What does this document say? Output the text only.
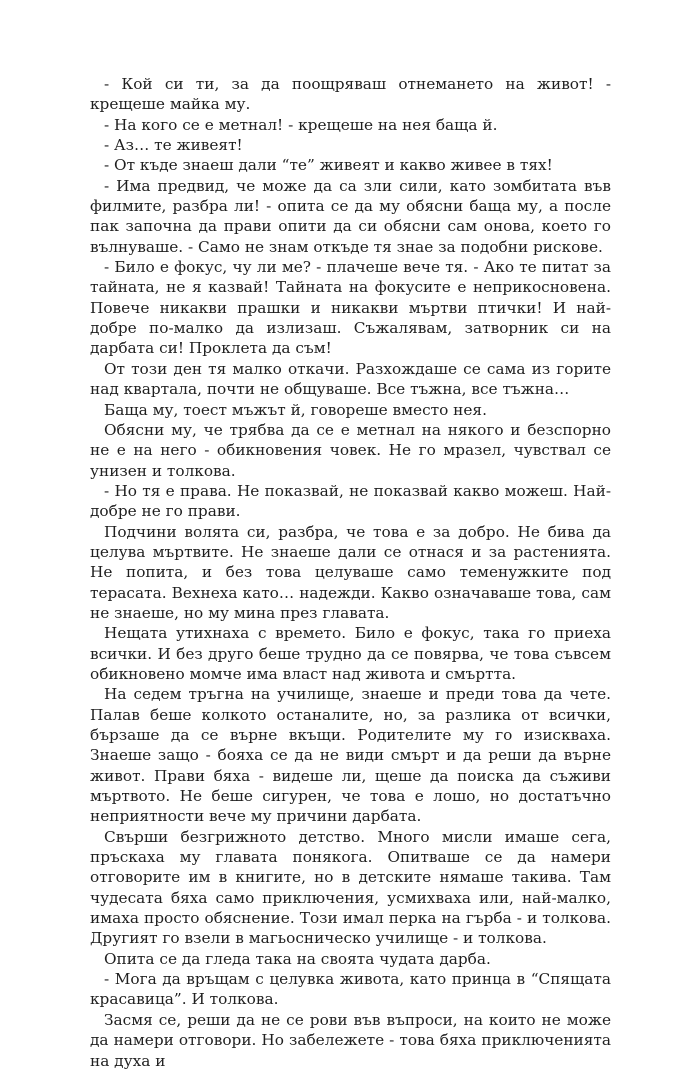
- Кой си ти, за да поощряваш отнемането на живот! - крещеше майка му.

- На кого се е метнал! - крещеше на нея баща й.

- Аз… те живеят!

- От къде знаеш дали “те” живеят и какво живее в тях!

- Има предвид, че може да са зли сили, като зомбитата във филмите, разбра ли! - опита се да му обясни баща му, а после пак започна да прави опити да си обясни сам онова, което го вълнуваше. - Само не знам откъде тя знае за подобни рискове.

- Било е фокус, чу ли ме? - плачеше вече тя. - Ако те питат за тайната, не я казвай! Тайната на фокусите е неприкосновена. Повече никакви прашки и никакви мъртви птички! И най-добре по-малко да излизаш. Съжалявам, затворник си на дарбата си! Проклета да съм!

От този ден тя малко откачи. Разхождаше се сама из горите над квартала, почти не общуваше. Все тъжна, все тъжна…

Баща му, тоест мъжът й, говореше вместо нея.

Обясни му, че трябва да се е метнал на някого и безспорно не е на него - обикновения човек. Не го мразел, чувствал се унизен и толкова.

- Но тя е права. Не показвай, не показвай какво можеш. Най-добре не го прави.

Подчини волята си, разбра, че това е за добро. Не бива да целува мъртвите. Не знаеше дали се отнася и за растенията. Не попита, и без това целуваше само теменужките под терасата. Вехнеха като… надежди. Какво означаваше това, сам не знаеше, но му мина през главата.

Нещата утихнаха с времето. Било е фокус, така го приеха всички. И без друго беше трудно да се повярва, че това съвсем обикновено момче има власт над живота и смъртта.

На седем тръгна на училище, знаеше и преди това да чете. Палав беше колкото останалите, но, за разлика от всички, бързаше да се върне вкъщи. Родителите му го изискваха. Знаеше защо - бояха се да не види смърт и да реши да върне живот. Прави бяха - видеше ли, щеше да поиска да съживи мъртвото. Не беше сигурен, че това е лошо, но достатъчно неприятности вече му причини дарбата.

Свърши безгрижното детство. Много мисли имаше сега, пръскаха му главата понякога. Опитваше се да намери отговорите им в книгите, но в детските нямаше такива. Там чудесата бяха само приключения, усмихваха или, най-малко, имаха просто обяснение. Този имал перка на гърба - и толкова. Другият го взели в магьосническо училище - и толкова.

Опита се да гледа така на своята чудата дарба.

- Мога да връщам с целувка живота, като принца в “Спящата красавица”. И толкова.

Засмя се, реши да не се рови във въпроси, на които не може да намери отговори. Но забележете - това бяха приключенията на духа и
